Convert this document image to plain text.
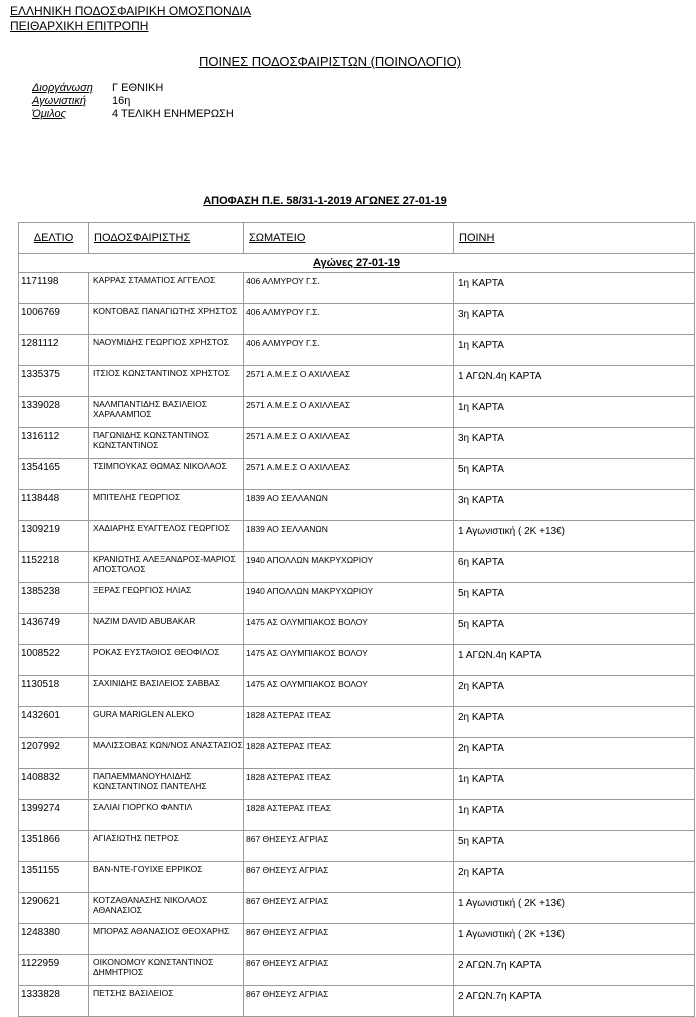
ΕΛΛΗΝΙΚΗ ΠΟΔΟΣΦΑΙΡΙΚΗ ΟΜΟΣΠΟΝΔΙΑ
ΠΕΙΘΑΡΧΙΚΗ ΕΠΙΤΡΟΠΗ
ΠΟΙΝΕΣ ΠΟΔΟΣΦΑΙΡΙΣΤΩΝ (ΠΟΙΝΟΛΟΓΙΟ)
Διοργάνωση Γ ΕΘΝΙΚΗ
Αγωνιστική 16η
Όμιλος	4 ΤΕΛΙΚΗ ΕΝΗΜΕΡΩΣΗ
ΑΠΟΦΑΣΗ Π.Ε. 58/31-1-2019 ΑΓΩΝΕΣ 27-01-19
ΔΕΛΤΙΟ	ΠΟΔΟΣΦΑΙΡΙΣΤΗΣ	ΣΩΜΑΤΕΙΟ	ΠΟΙΝΗ
Αγώνες 27-01-19			
1171198	ΚΑΡΡΑΣ ΣΤΑΜΑΤΙΟΣ ΑΓΓΕΛΟΣ	406 ΑΛΜΥΡΟΥ Γ.Σ.	1η ΚΑΡΤΑ
1006769	ΚΟΝΤΟΒΑΣ ΠΑΝΑΓΙΩΤΗΣ ΧΡΗΣΤΟΣ	406 ΑΛΜΥΡΟΥ Γ.Σ.	3η ΚΑΡΤΑ
1281112	ΝΑΟΥΜΙΔΗΣ ΓΕΩΡΓΙΟΣ ΧΡΗΣΤΟΣ	406 ΑΛΜΥΡΟΥ Γ.Σ.	1η ΚΑΡΤΑ
1335375	ΙΤΣΙΟΣ ΚΩΝΣΤΑΝΤΙΝΟΣ ΧΡΗΣΤΟΣ	2571 Α.Μ.Ε.Σ Ο ΑΧΙΛΛΕΑΣ	1 ΑΓΩΝ.4η ΚΑΡΤΑ
1339028	ΝΑΛΜΠΑΝΤΙΔΗΣ ΒΑΣΙΛΕΙΟΣ ΧΑΡΑΛΑΜΠΟΣ	2571 Α.Μ.Ε.Σ Ο ΑΧΙΛΛΕΑΣ	1η ΚΑΡΤΑ
1316112	ΠΑΓΩΝΙΔΗΣ ΚΩΝΣΤΑΝΤΙΝΟΣ ΚΩΝΣΤΑΝΤΙΝΟΣ	2571 Α.Μ.Ε.Σ Ο ΑΧΙΛΛΕΑΣ	3η ΚΑΡΤΑ
1354165	ΤΣΙΜΠΟΥΚΑΣ ΘΩΜΑΣ ΝΙΚΟΛΑΟΣ	2571 Α.Μ.Ε.Σ Ο ΑΧΙΛΛΕΑΣ	5η ΚΑΡΤΑ
1138448	ΜΠΙΤΕΛΗΣ ΓΕΩΡΓΙΟΣ	1839 ΑΟ ΣΕΛΛΑΝΩΝ	3η ΚΑΡΤΑ
1309219	ΧΑΔΙΑΡΗΣ ΕΥΑΓΓΕΛΟΣ ΓΕΩΡΓΙΟΣ	1839 ΑΟ ΣΕΛΛΑΝΩΝ	1 Αγωνιστική ( 2Κ +13€)
1152218	ΚΡΑΝΙΩΤΗΣ ΑΛΕΞΑΝΔΡΟΣ-ΜΑΡΙΟΣ ΑΠΟΣΤΟΛΟΣ	1940 ΑΠΟΛΛΩΝ ΜΑΚΡΥΧΩΡΙΟΥ	6η ΚΑΡΤΑ
1385238	ΞΕΡΑΣ ΓΕΩΡΓΙΟΣ ΗΛΙΑΣ	1940 ΑΠΟΛΛΩΝ ΜΑΚΡΥΧΩΡΙΟΥ	5η ΚΑΡΤΑ
1436749	NAZIM DAVID ABUBAKAR	1475 ΑΣ ΟΛΥΜΠΙΑΚΟΣ ΒΟΛΟΥ	5η ΚΑΡΤΑ
1008522	ΡΟΚΑΣ ΕΥΣΤΑΘΙΟΣ ΘΕΟΦΙΛΟΣ	1475 ΑΣ ΟΛΥΜΠΙΑΚΟΣ ΒΟΛΟΥ	1 ΑΓΩΝ.4η ΚΑΡΤΑ
1130518	ΣΑΧΙΝΙΔΗΣ ΒΑΣΙΛΕΙΟΣ ΣΑΒΒΑΣ	1475 ΑΣ ΟΛΥΜΠΙΑΚΟΣ ΒΟΛΟΥ	2η ΚΑΡΤΑ
1432601	GURA MARIGLEN ALEKO	1828 ΑΣΤΕΡΑΣ ΙΤΕΑΣ	2η ΚΑΡΤΑ
1207992	ΜΑΛΙΣΣΟΒΑΣ ΚΩΝ/ΝΟΣ ΑΝΑΣΤΑΣΙΟΣ	1828 ΑΣΤΕΡΑΣ ΙΤΕΑΣ	2η ΚΑΡΤΑ
1408832	ΠΑΠΑΕΜΜΑΝΟΥΗΛΙΔΗΣ ΚΩΝΣΤΑΝΤΙΝΟΣ ΠΑΝΤΕΛΗΣ	1828 ΑΣΤΕΡΑΣ ΙΤΕΑΣ	1η ΚΑΡΤΑ
1399274	ΣΑΛΙΑΙ ΓΙΟΡΓΚΟ ΦΑΝΤΙΛ	1828 ΑΣΤΕΡΑΣ ΙΤΕΑΣ	1η ΚΑΡΤΑ
1351866	ΑΓΙΑΣΙΩΤΗΣ ΠΕΤΡΟΣ	867 ΘΗΣΕΥΣ ΑΓΡΙΑΣ	5η ΚΑΡΤΑ
1351155	ΒΑΝ-ΝΤΕ-ΓΟΥΙΧΕ ΕΡΡΙΚΟΣ	867 ΘΗΣΕΥΣ ΑΓΡΙΑΣ	2η ΚΑΡΤΑ
1290621	ΚΟΤΖΑΘΑΝΑΣΗΣ ΝΙΚΟΛΑΟΣ ΑΘΑΝΑΣΙΟΣ	867 ΘΗΣΕΥΣ ΑΓΡΙΑΣ	1 Αγωνιστική ( 2K +13€)
1248380	ΜΠΟΡΑΣ ΑΘΑΝΑΣΙΟΣ ΘΕΟΧΑΡΗΣ	867 ΘΗΣΕΥΣ ΑΓΡΙΑΣ	1 Αγωνιστική ( 2K +13€)
1122959	ΟΙΚΟΝΟΜΟΥ ΚΩΝΣΤΑΝΤΙΝΟΣ ΔΗΜΗΤΡΙΟΣ	867 ΘΗΣΕΥΣ ΑΓΡΙΑΣ	2 ΑΓΩΝ.7η ΚΑΡΤΑ
1333828	ΠΕΤΣΗΣ ΒΑΣΙΛΕΙΟΣ	867 ΘΗΣΕΥΣ ΑΓΡΙΑΣ	2 ΑΓΩΝ.7η ΚΑΡΤΑ
